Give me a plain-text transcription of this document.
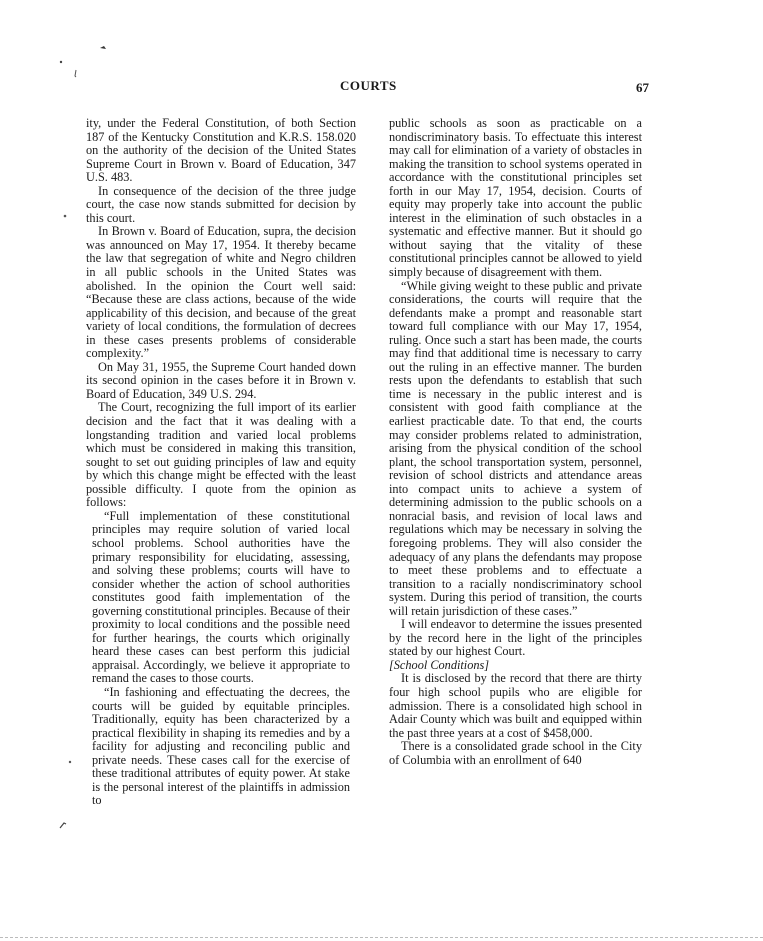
COURTS	67

ity, under the Federal Constitution, of both Section 187 of the Kentucky Constitution and K.R.S. 158.020 on the authority of the decision of the United States Supreme Court in Brown v. Board of Education, 347 U.S. 483.

In consequence of the decision of the three judge court, the case now stands submitted for decision by this court.

In Brown v. Board of Education, supra, the decision was announced on May 17, 1954. It thereby became the law that segregation of white and Negro children in all public schools in the United States was abolished. In the opinion the Court well said: “Because these are class actions, because of the wide applicability of this decision, and because of the great variety of local conditions, the formulation of decrees in these cases presents problems of considerable complexity.”

On May 31, 1955, the Supreme Court handed down its second opinion in the cases before it in Brown v. Board of Education, 349 U.S. 294.

The Court, recognizing the full import of its earlier decision and the fact that it was dealing with a longstanding tradition and varied local problems which must be considered in making this transition, sought to set out guiding principles of law and equity by which this change might be effected with the least possible difficulty. I quote from the opinion as follows:

“Full implementation of these constitutional principles may require solution of varied local school problems. School authorities have the primary responsibility for elucidating, assessing, and solving these problems; courts will have to consider whether the action of school authorities constitutes good faith implementation of the governing constitutional principles. Because of their proximity to local conditions and the possible need for further hearings, the courts which originally heard these cases can best perform this judicial appraisal. Accordingly, we believe it appropriate to remand the cases to those courts.

“In fashioning and effectuating the decrees, the courts will be guided by equitable principles. Traditionally, equity has been characterized by a practical flexibility in shaping its remedies and by a facility for adjusting and reconciling public and private needs. These cases call for the exercise of these traditional attributes of equity power. At stake is the personal interest of the plaintiffs in admission to

public schools as soon as practicable on a nondiscriminatory basis. To effectuate this interest may call for elimination of a variety of obstacles in making the transition to school systems operated in accordance with the constitutional principles set forth in our May 17, 1954, decision. Courts of equity may properly take into account the public interest in the elimination of such obstacles in a systematic and effective manner. But it should go without saying that the vitality of these constitutional principles cannot be allowed to yield simply because of disagreement with them.

“While giving weight to these public and private considerations, the courts will require that the defendants make a prompt and reasonable start toward full compliance with our May 17, 1954, ruling. Once such a start has been made, the courts may find that additional time is necessary to carry out the ruling in an effective manner. The burden rests upon the defendants to establish that such time is necessary in the public interest and is consistent with good faith compliance at the earliest practicable date. To that end, the courts may consider problems related to administration, arising from the physical condition of the school plant, the school transportation system, personnel, revision of school districts and attendance areas into compact units to achieve a system of determining admission to the public schools on a nonracial basis, and revision of local laws and regulations which may be necessary in solving the foregoing problems. They will also consider the adequacy of any plans the defendants may propose to meet these problems and to effectuate a transition to a racially nondiscriminatory school system. During this period of transition, the courts will retain jurisdiction of these cases.”

I will endeavor to determine the issues presented by the record here in the light of the principles stated by our highest Court.

[School Conditions]

It is disclosed by the record that there are thirty four high school pupils who are eligible for admission. There is a consolidated high school in Adair County which was built and equipped within the past three years at a cost of $458,000.

There is a consolidated grade school in the City of Columbia with an enrollment of 640
